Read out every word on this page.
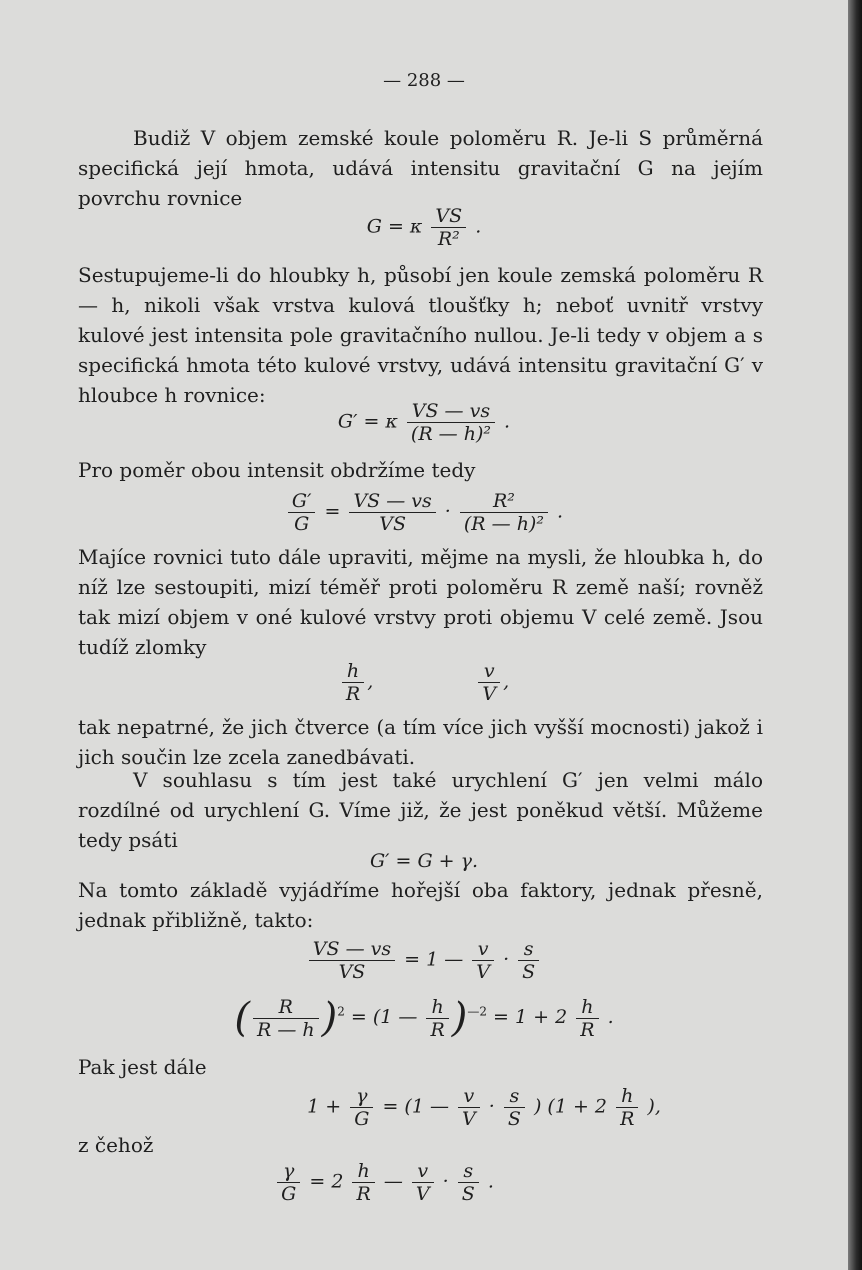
— 288 —
Budiž V objem zemské koule poloměru R. Je-li S průměrná specifická její hmota, udává intensitu gravitační G na jejím povrchu rovnice
G = κ $\frac{VS}{\text{R²}}$ .
Sestupujeme-li do hloubky h, působí jen koule zemská poloměru R — h, nikoli však vrstva kulová tloušťky h; neboť uvnitř vrstvy kulové jest intensita pole gravitačního nullou. Je-li tedy v objem a s specifická hmota této kulové vrstvy, udává intensitu gravitační G′ v hloubce h rovnice:
G′ = κ $\frac{VS — vs}{\text{(R — h)²}}$ .
Pro poměr obou intensit obdržíme tedy
$\frac{G'}{G} = \frac{VS — vs}{VS} \cdot \frac{\text{R²}}{\text{(R — h)²}}$ .
Majíce rovnici tuto dále upraviti, mějme na mysli, že hloubka h, do níž lze sestoupiti, mizí téměř proti poloměru R země naší; rovněž tak mizí objem v oné kulové vrstvy proti objemu V celé země. Jsou tudíž zlomky
$\frac{h}{R}$ ,	$\frac{v}{V}$ ,
tak nepatrné, že jich čtverce (a tím více jich vyšší mocnosti) jakož i jich součin lze zcela zanedbávati.
V souhlasu s tím jest také urychlení G′ jen velmi málo rozdílné od urychlení G. Víme již, že jest poněkud větší. Můžeme tedy psáti
G′ = G + γ.
Na tomto základě vyjádříme hořejší oba faktory, jednak přesně, jednak přibližně, takto:
$\frac{VS — vs}{VS} = 1$ — $\frac{v}{V} \cdot \frac{s}{S}$
( $\frac{R}{R — h} )^2 = (1$ — $\frac{h}{R} )^{—2} = 1 + 2 \frac{h}{R}$ .
Pak jest dále
$1 + \frac{\gamma}{G} = (1$ — $\frac{v}{V} \cdot \frac{s}{S}$ ) ($1 + 2 \frac{h}{R}$ ),
z čehož
$\frac{\gamma}{G} = 2 \frac{h}{R}$ — $\frac{v}{V} \cdot \frac{s}{S}$ .
